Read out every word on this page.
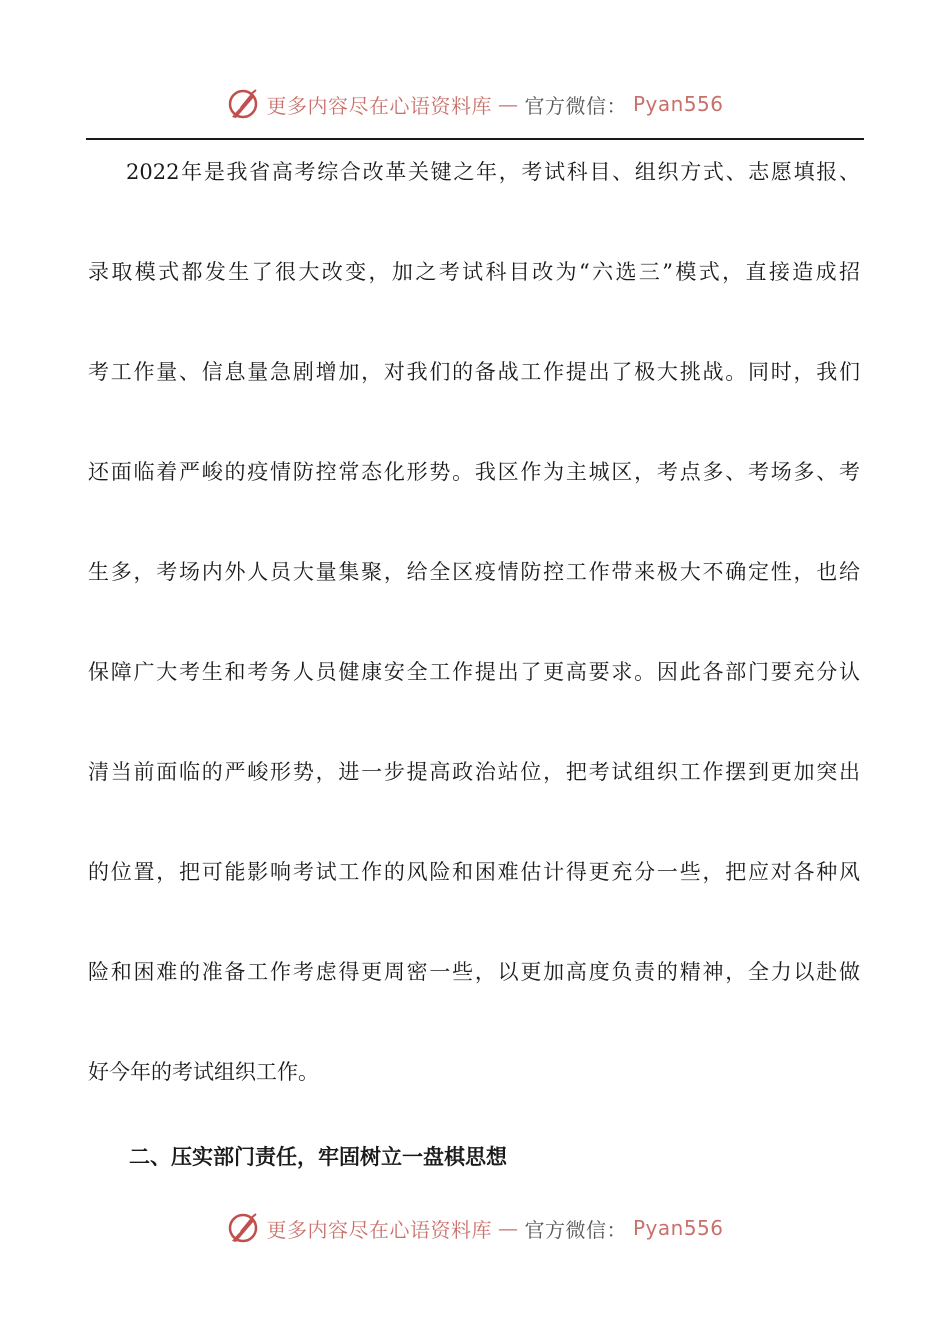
更多内容尽在心语资料库 — 官方微信： Pyan556
2022年是我省高考综合改革关键之年，考试科目、组织方式、志愿填报、
录取模式都发生了很大改变，加之考试科目改为“六选三”模式，直接造成招
考工作量、信息量急剧增加，对我们的备战工作提出了极大挑战。同时，我们
还面临着严峻的疫情防控常态化形势。我区作为主城区，考点多、考场多、考
生多，考场内外人员大量集聚，给全区疫情防控工作带来极大不确定性，也给
保障广大考生和考务人员健康安全工作提出了更高要求。因此各部门要充分认
清当前面临的严峻形势，进一步提高政治站位，把考试组织工作摆到更加突出
的位置，把可能影响考试工作的风险和困难估计得更充分一些，把应对各种风
险和困难的准备工作考虑得更周密一些，以更加高度负责的精神，全力以赴做
好今年的考试组织工作。
二、压实部门责任，牢固树立一盘棋思想
更多内容尽在心语资料库 — 官方微信： Pyan556
